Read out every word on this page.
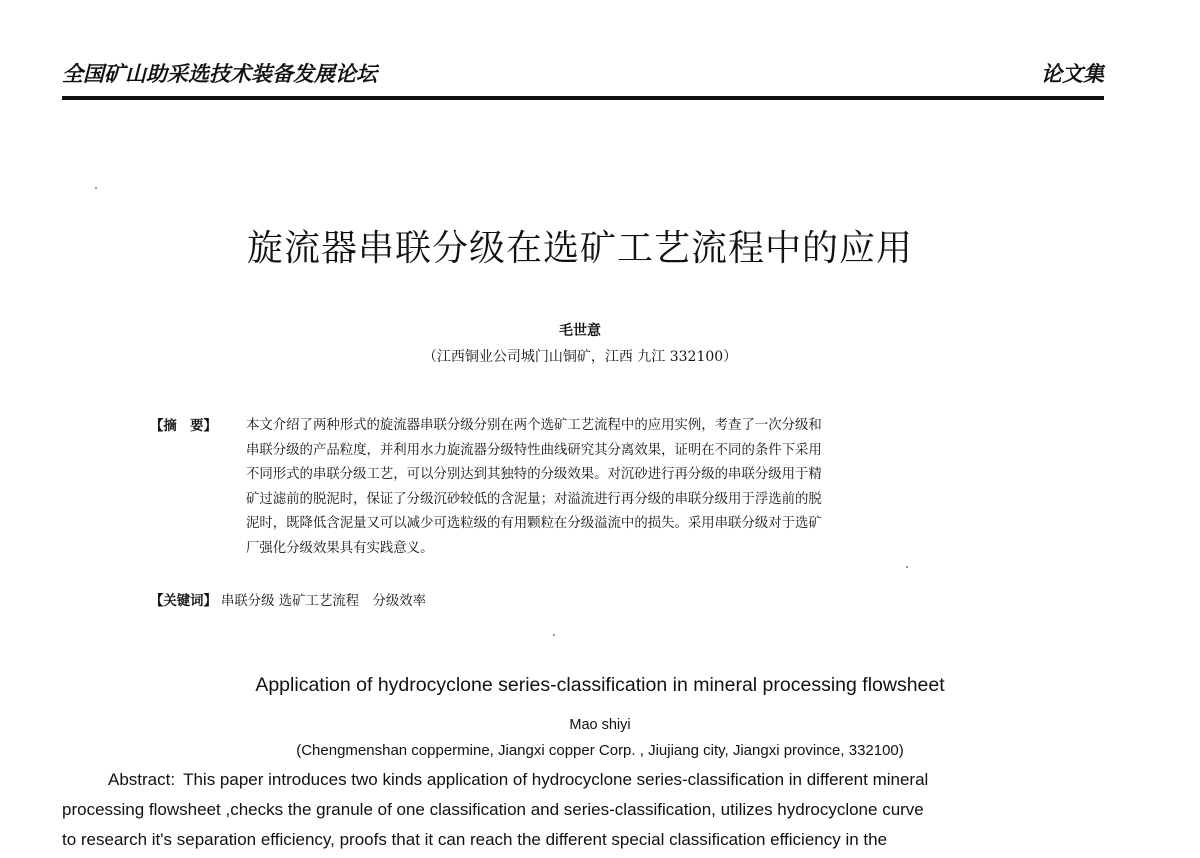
全国矿山助采选技术装备发展论坛	论文集
旋流器串联分级在选矿工艺流程中的应用
毛世意
（江西铜业公司城门山铜矿，江西 九江 332100）
【摘　要】 本文介绍了两种形式的旋流器串联分级分别在两个选矿工艺流程中的应用实例，考查了一次分级和
串联分级的产品粒度，并利用水力旋流器分级特性曲线研究其分离效果，证明在不同的条件下采用
不同形式的串联分级工艺，可以分别达到其独特的分级效果。对沉砂进行再分级的串联分级用于精
矿过滤前的脱泥时，保证了分级沉砂较低的含泥量；对溢流进行再分级的串联分级用于浮选前的脱
泥时，既降低含泥量又可以减少可选粒级的有用颗粒在分级溢流中的损失。采用串联分级对于选矿
厂强化分级效果具有实践意义。
【关键词】 串联分级 选矿工艺流程　分级效率
Application of hydrocyclone series-classification in mineral processing flowsheet
Mao shiyi
(Chengmenshan coppermine, Jiangxi copper Corp. , Jiujiang city, Jiangxi province, 332100)
Abstract: This paper introduces two kinds application of hydrocyclone series-classification in different mineral
processing flowsheet ,checks the granule of one classification and series-classification, utilizes hydrocyclone curve
to research it's separation efficiency, proofs that it can reach the different special classification efficiency in the
